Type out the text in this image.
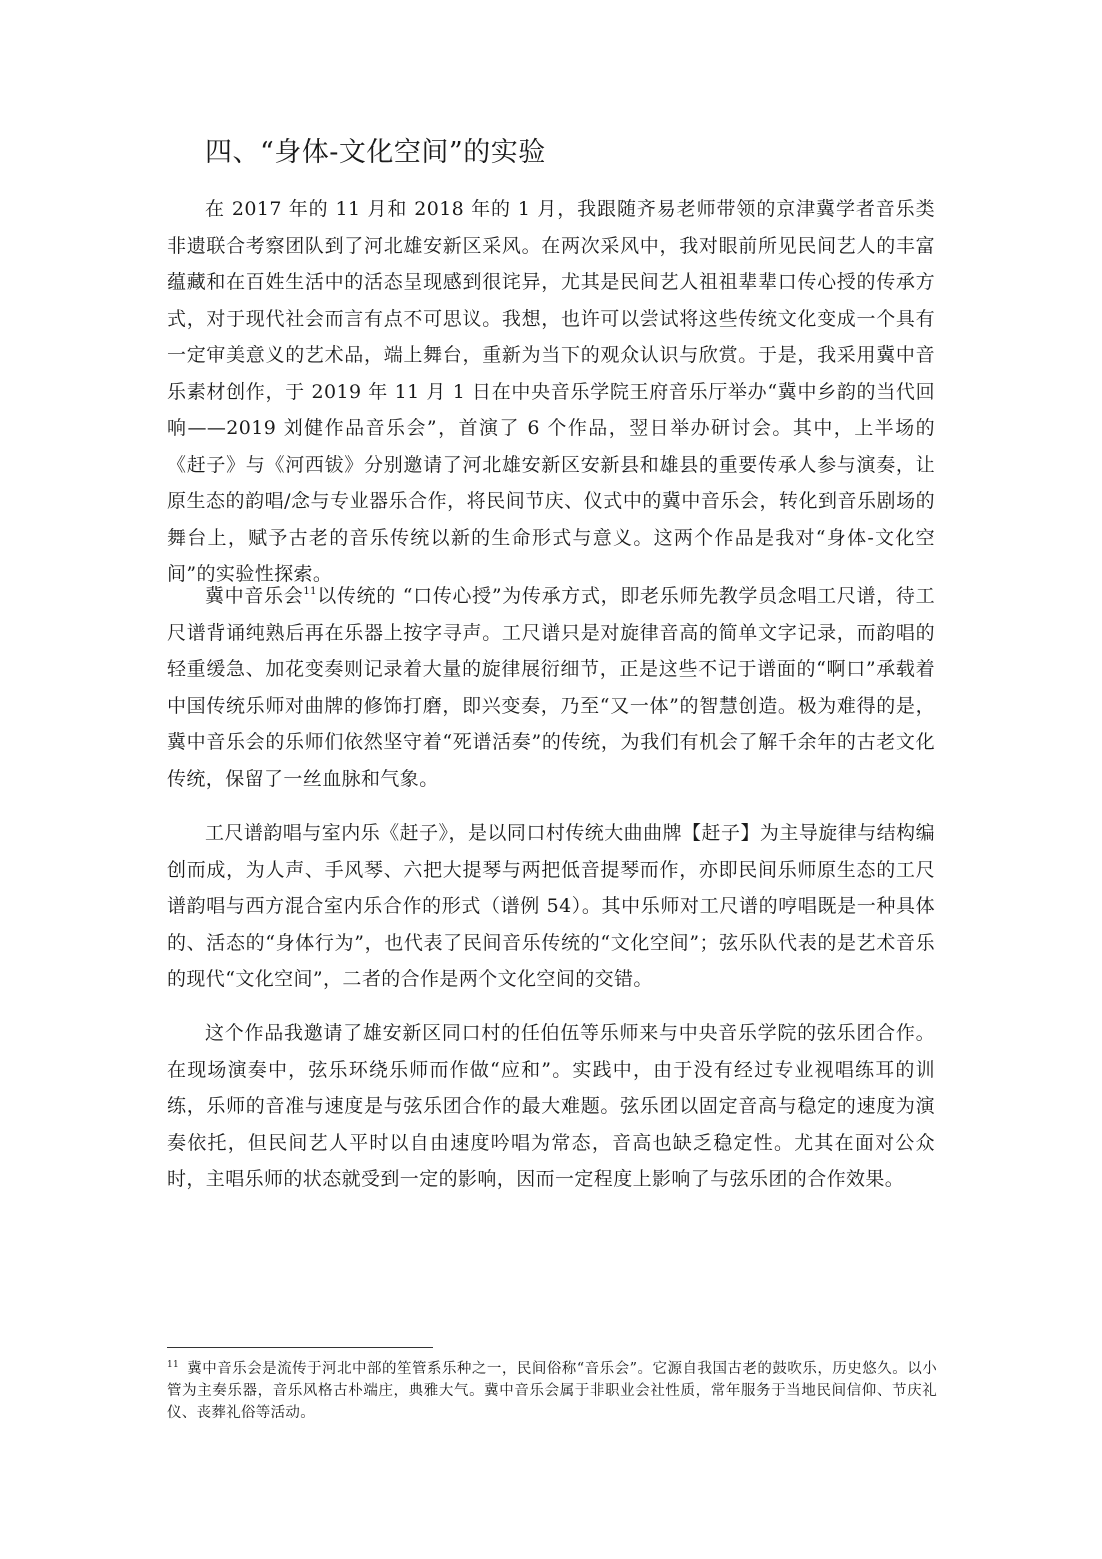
四、“身体-文化空间”的实验

在 2017 年的 11 月和 2018 年的 1 月，我跟随齐易老师带领的京津冀学者音乐类非遗联合考察团队到了河北雄安新区采风。在两次采风中，我对眼前所见民间艺人的丰富蕴藏和在百姓生活中的活态呈现感到很诧异，尤其是民间艺人祖祖辈辈口传心授的传承方式，对于现代社会而言有点不可思议。我想，也许可以尝试将这些传统文化变成一个具有一定审美意义的艺术品，端上舞台，重新为当下的观众认识与欣赏。于是，我采用冀中音乐素材创作，于 2019 年 11 月 1 日在中央音乐学院王府音乐厅举办“冀中乡韵的当代回响——2019 刘健作品音乐会”，首演了 6 个作品，翌日举办研讨会。其中，上半场的《赶子》与《河西钹》分别邀请了河北雄安新区安新县和雄县的重要传承人参与演奏，让原生态的韵唱/念与专业器乐合作，将民间节庆、仪式中的冀中音乐会，转化到音乐剧场的舞台上，赋予古老的音乐传统以新的生命形式与意义。这两个作品是我对“身体-文化空间”的实验性探索。

冀中音乐会$^{11}$以传统的 “口传心授”为传承方式，即老乐师先教学员念唱工尺谱，待工尺谱背诵纯熟后再在乐器上按字寻声。工尺谱只是对旋律音高的简单文字记录，而韵唱的轻重缓急、加花变奏则记录着大量的旋律展衍细节，正是这些不记于谱面的“啊口”承载着中国传统乐师对曲牌的修饰打磨，即兴变奏，乃至“又一体”的智慧创造。极为难得的是，冀中音乐会的乐师们依然坚守着“死谱活奏”的传统，为我们有机会了解千余年的古老文化传统，保留了一丝血脉和气象。

工尺谱韵唱与室内乐《赶子》，是以同口村传统大曲曲牌【赶子】为主导旋律与结构编创而成，为人声、手风琴、六把大提琴与两把低音提琴而作，亦即民间乐师原生态的工尺谱韵唱与西方混合室内乐合作的形式（谱例 54）。其中乐师对工尺谱的哼唱既是一种具体的、活态的“身体行为”，也代表了民间音乐传统的“文化空间”；弦乐队代表的是艺术音乐的现代“文化空间”，二者的合作是两个文化空间的交错。

这个作品我邀请了雄安新区同口村的任伯伍等乐师来与中央音乐学院的弦乐团合作。在现场演奏中，弦乐环绕乐师而作做“应和”。实践中，由于没有经过专业视唱练耳的训练，乐师的音准与速度是与弦乐团合作的最大难题。弦乐团以固定音高与稳定的速度为演奏依托，但民间艺人平时以自由速度吟唱为常态，音高也缺乏稳定性。尤其在面对公众时，主唱乐师的状态就受到一定的影响，因而一定程度上影响了与弦乐团的合作效果。

$^{11}$ 冀中音乐会是流传于河北中部的笙管系乐种之一，民间俗称“音乐会”。它源自我国古老的鼓吹乐，历史悠久。以小管为主奏乐器，音乐风格古朴端庄，典雅大气。冀中音乐会属于非职业会社性质，常年服务于当地民间信仰、节庆礼仪、丧葬礼俗等活动。
